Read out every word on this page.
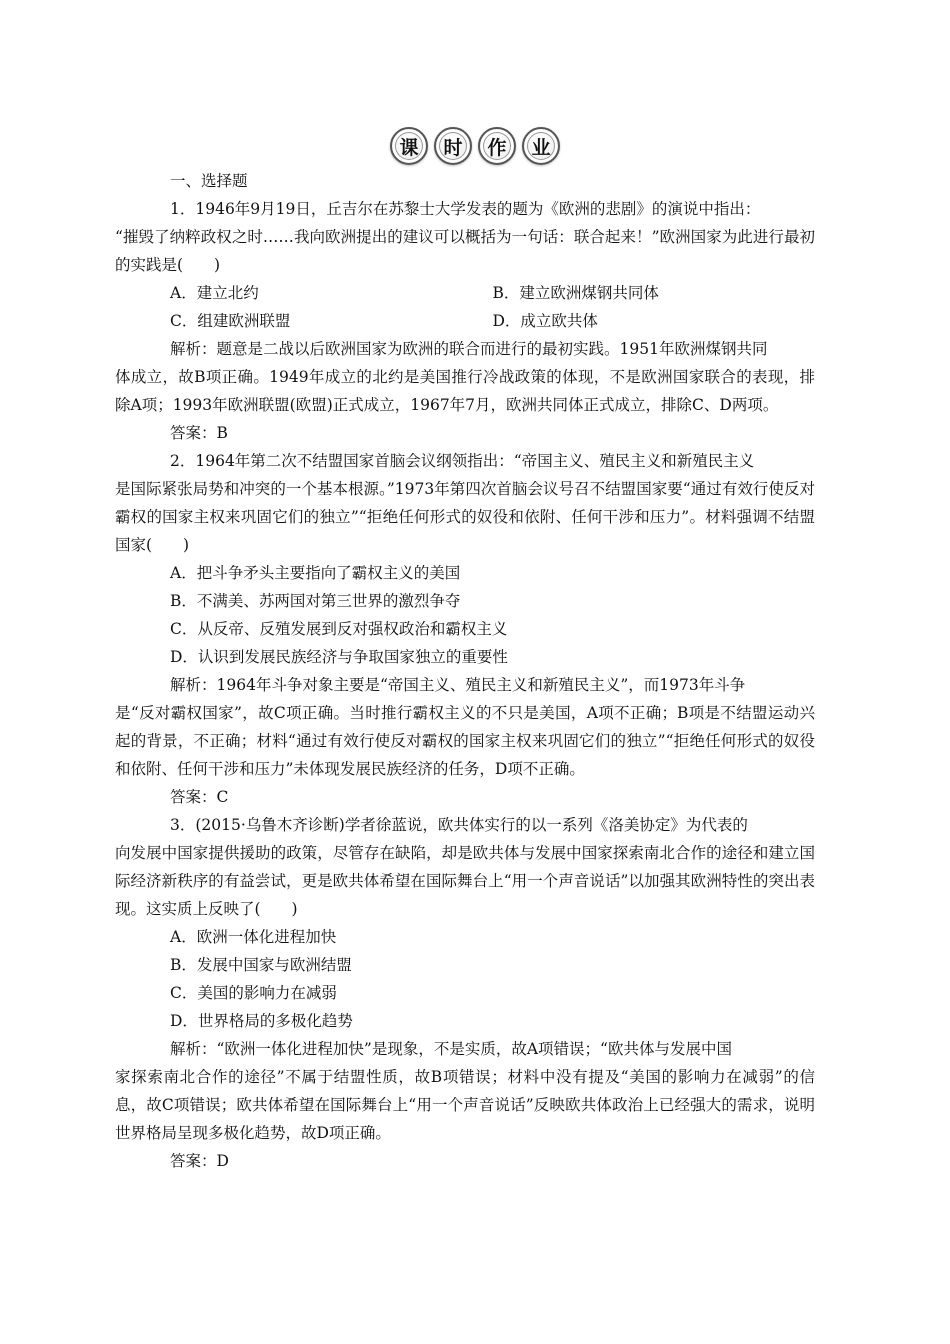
课	时	作	业
一、选择题
1．1946年9月19日，丘吉尔在苏黎士大学发表的题为《欧洲的悲剧》的演说中指出：
“摧毁了纳粹政权之时……我向欧洲提出的建议可以概括为一句话：联合起来！”欧洲国家为此进行最初的实践是(　　)
A．建立北约	B．建立欧洲煤钢共同体
C．组建欧洲联盟	D．成立欧共体
解析：题意是二战以后欧洲国家为欧洲的联合而进行的最初实践。1951年欧洲煤钢共同
体成立，故B项正确。1949年成立的北约是美国推行冷战政策的体现，不是欧洲国家联合的表现，排除A项；1993年欧洲联盟(欧盟)正式成立，1967年7月，欧洲共同体正式成立，排除C、D两项。
答案：B
2．1964年第二次不结盟国家首脑会议纲领指出：“帝国主义、殖民主义和新殖民主义
是国际紧张局势和冲突的一个基本根源。”1973年第四次首脑会议号召不结盟国家要“通过有效行使反对霸权的国家主权来巩固它们的独立”“拒绝任何形式的奴役和依附、任何干涉和压力”。材料强调不结盟国家(　　)
A．把斗争矛头主要指向了霸权主义的美国
B．不满美、苏两国对第三世界的激烈争夺
C．从反帝、反殖发展到反对强权政治和霸权主义
D．认识到发展民族经济与争取国家独立的重要性
解析：1964年斗争对象主要是“帝国主义、殖民主义和新殖民主义”，而1973年斗争
是“反对霸权国家”，故C项正确。当时推行霸权主义的不只是美国，A项不正确；B项是不结盟运动兴起的背景，不正确；材料“通过有效行使反对霸权的国家主权来巩固它们的独立”“拒绝任何形式的奴役和依附、任何干涉和压力”未体现发展民族经济的任务，D项不正确。
答案：C
3．(2015·乌鲁木齐诊断)学者徐蓝说，欧共体实行的以一系列《洛美协定》为代表的
向发展中国家提供援助的政策，尽管存在缺陷，却是欧共体与发展中国家探索南北合作的途径和建立国际经济新秩序的有益尝试，更是欧共体希望在国际舞台上“用一个声音说话”以加强其欧洲特性的突出表现。这实质上反映了(　　)
A．欧洲一体化进程加快
B．发展中国家与欧洲结盟
C．美国的影响力在减弱
D．世界格局的多极化趋势
解析：“欧洲一体化进程加快”是现象，不是实质，故A项错误；“欧共体与发展中国
家探索南北合作的途径”不属于结盟性质，故B项错误；材料中没有提及“美国的影响力在减弱”的信息，故C项错误；欧共体希望在国际舞台上“用一个声音说话”反映欧共体政治上已经强大的需求，说明世界格局呈现多极化趋势，故D项正确。
答案：D
